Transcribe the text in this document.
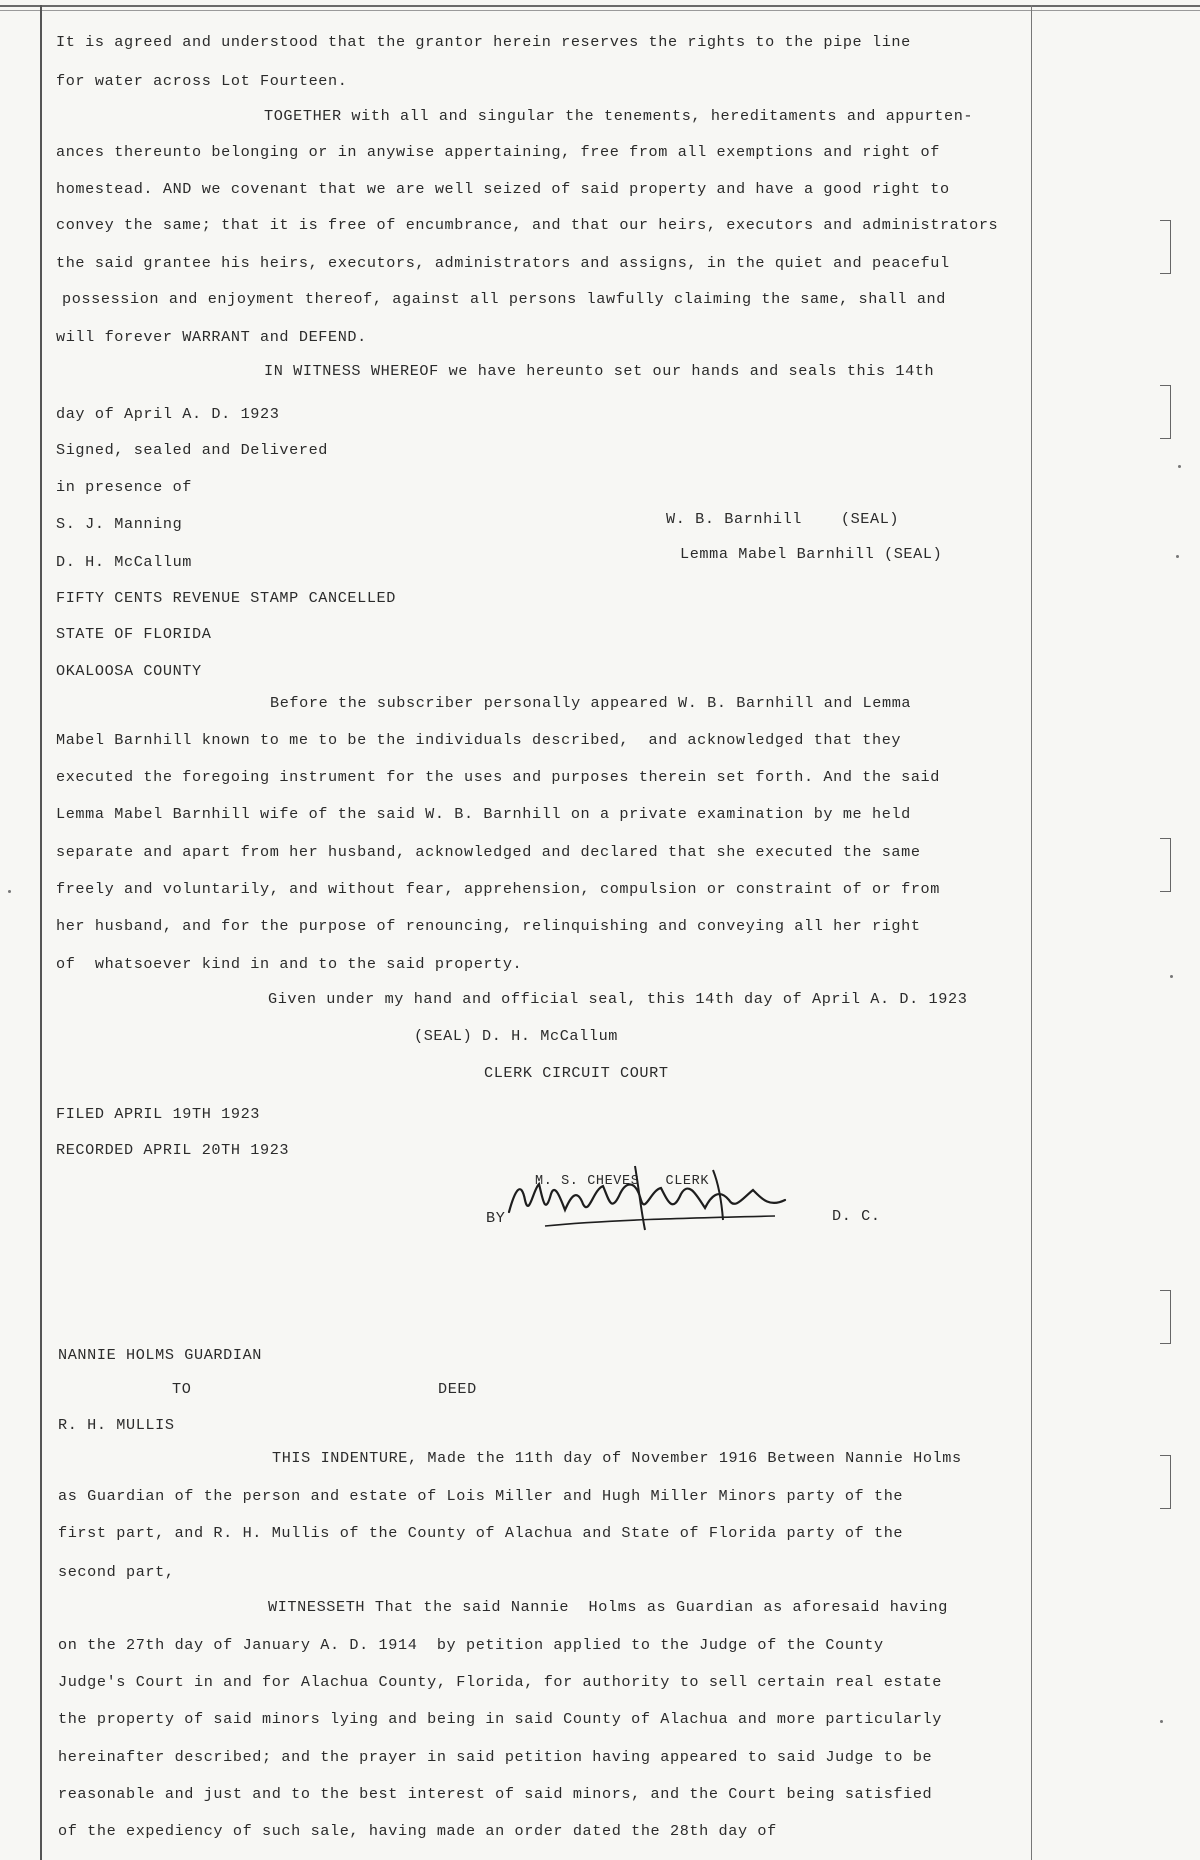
It is agreed and understood that the grantor herein reserves the rights to the pipe line
for water across Lot Fourteen.
TOGETHER with all and singular the tenements, hereditaments and appurten-
ances thereunto belonging or in anywise appertaining, free from all exemptions and right of
homestead. AND we covenant that we are well seized of said property and have a good right to
convey the same; that it is free of encumbrance, and that our heirs, executors and administrators
the said grantee his heirs, executors, administrators and assigns, in the quiet and peaceful
possession and enjoyment thereof, against all persons lawfully claiming the same, shall and
will forever WARRANT and DEFEND.
IN WITNESS WHEREOF we have hereunto set our hands and seals this 14th
day of April A. D. 1923
Signed, sealed and Delivered
in presence of
S. J. Manning
D. H. McCallum
W. B. Barnhill    (SEAL)
Lemma Mabel Barnhill (SEAL)
FIFTY CENTS REVENUE STAMP CANCELLED
STATE OF FLORIDA
OKALOOSA COUNTY
Before the subscriber personally appeared W. B. Barnhill and Lemma
Mabel Barnhill known to me to be the individuals described,  and acknowledged that they
executed the foregoing instrument for the uses and purposes therein set forth. And the said
Lemma Mabel Barnhill wife of the said W. B. Barnhill on a private examination by me held
separate and apart from her husband, acknowledged and declared that she executed the same
freely and voluntarily, and without fear, apprehension, compulsion or constraint of or from
her husband, and for the purpose of renouncing, relinquishing and conveying all her right
of  whatsoever kind in and to the said property.
Given under my hand and official seal, this 14th day of April A. D. 1923
(SEAL) D. H. McCallum
CLERK CIRCUIT COURT
FILED APRIL 19TH 1923
RECORDED APRIL 20TH 1923
M. S. CHEVES   CLERK
BY	D. C.
NANNIE HOLMS GUARDIAN
TO	DEED
R. H. MULLIS
THIS INDENTURE, Made the 11th day of November 1916 Between Nannie Holms
as Guardian of the person and estate of Lois Miller and Hugh Miller Minors party of the
first part, and R. H. Mullis of the County of Alachua and State of Florida party of the
second part,
WITNESSETH That the said Nannie  Holms as Guardian as aforesaid having
on the 27th day of January A. D. 1914  by petition applied to the Judge of the County
Judge's Court in and for Alachua County, Florida, for authority to sell certain real estate
the property of said minors lying and being in said County of Alachua and more particularly
hereinafter described; and the prayer in said petition having appeared to said Judge to be
reasonable and just and to the best interest of said minors, and the Court being satisfied
of the expediency of such sale, having made an order dated the 28th day of
